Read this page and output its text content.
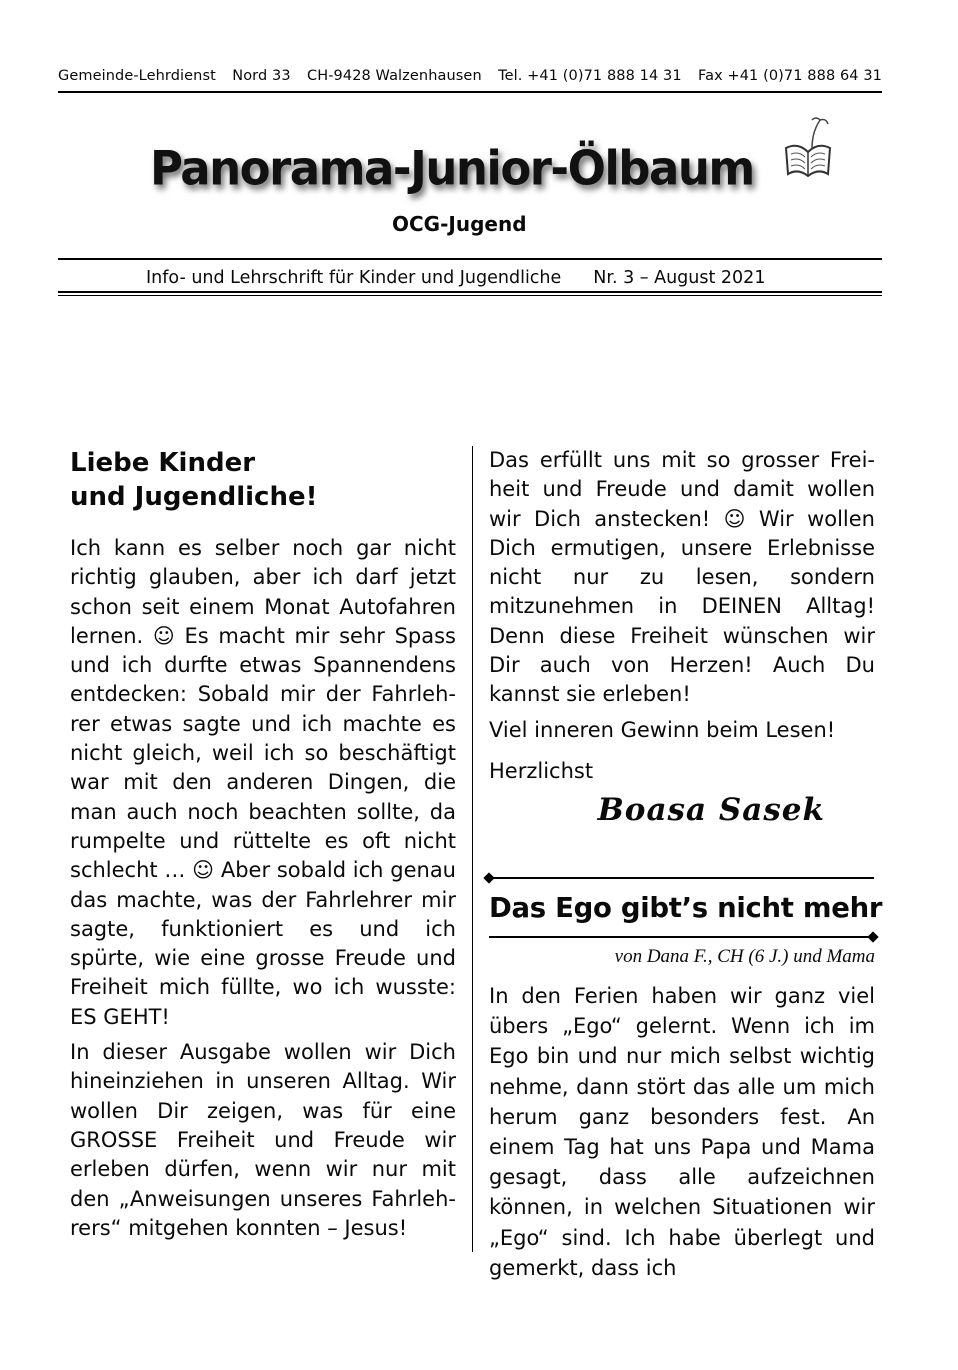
Gemeinde-Lehrdienst Nord 33 CH-9428 Walzenhausen Tel. +41 (0)71 888 14 31 Fax +41 (0)71 888 64 31
Panorama-Junior-Ölbaum
OCG-Jugend
Info- und Lehrschrift für Kinder und Jugendliche Nr. 3 – August 2021

Liebe Kinder
und Jugendliche!

Ich kann es selber noch gar nicht richtig glauben, aber ich darf jetzt schon seit einem Monat Autofahren lernen. ☺ Es macht mir sehr Spass und ich durfte etwas Spannendens entdecken: Sobald mir der Fahrlehrer etwas sagte und ich machte es nicht gleich, weil ich so beschäftigt war mit den anderen Dingen, die man auch noch beachten sollte, da rumpelte und rüttelte es oft nicht schlecht … ☺ Aber sobald ich genau das machte, was der Fahrlehrer mir sagte, funktioniert es und ich spürte, wie eine grosse Freude und Freiheit mich füllte, wo ich wusste: ES GEHT!

In dieser Ausgabe wollen wir Dich hineinziehen in unseren Alltag. Wir wollen Dir zeigen, was für eine GROSSE Freiheit und Freude wir erleben dürfen, wenn wir nur mit den „Anweisungen unseres Fahrlehrers“ mitgehen konnten – Jesus!

Das erfüllt uns mit so grosser Freiheit und Freude und damit wollen wir Dich anstecken! ☺ Wir wollen Dich ermutigen, unsere Erlebnisse nicht nur zu lesen, sondern mitzunehmen in DEINEN Alltag! Denn diese Freiheit wünschen wir Dir auch von Herzen! Auch Du kannst sie erleben!

Viel inneren Gewinn beim Lesen!

Herzlichst

Boasa Sasek

Das Ego gibt’s nicht mehr
von Dana F., CH (6 J.) und Mama

In den Ferien haben wir ganz viel übers „Ego“ gelernt. Wenn ich im Ego bin und nur mich selbst wichtig nehme, dann stört das alle um mich herum ganz besonders fest. An einem Tag hat uns Papa und Mama gesagt, dass alle aufzeichnen können, in welchen Situationen wir „Ego“ sind. Ich habe überlegt und gemerkt, dass ich
